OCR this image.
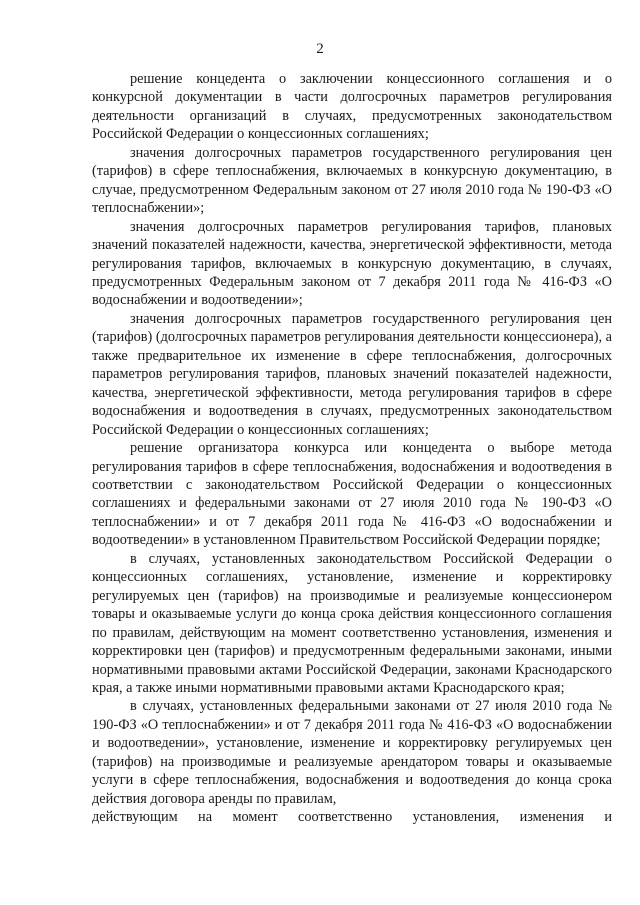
2

решение концедента о заключении концессионного соглашения и о конкурсной документации в части долгосрочных параметров регулирования деятельности организаций в случаях, предусмотренных законодательством Российской Федерации о концессионных соглашениях;

значения долгосрочных параметров государственного регулирования цен (тарифов) в сфере теплоснабжения, включаемых в конкурсную документацию, в случае, предусмотренном Федеральным законом от 27 июля 2010 года № 190-ФЗ «О теплоснабжении»;

значения долгосрочных параметров регулирования тарифов, плановых значений показателей надежности, качества, энергетической эффективности, метода регулирования тарифов, включаемых в конкурсную документацию, в случаях, предусмотренных Федеральным законом от 7 декабря 2011 года № 416-ФЗ «О водоснабжении и водоотведении»;

значения долгосрочных параметров государственного регулирования цен (тарифов) (долгосрочных параметров регулирования деятельности концессионера), а также предварительное их изменение в сфере теплоснабжения, долгосрочных параметров регулирования тарифов, плановых значений показателей надежности, качества, энергетической эффективности, метода регулирования тарифов в сфере водоснабжения и водоотведения в случаях, предусмотренных законодательством Российской Федерации о концессионных соглашениях;

решение организатора конкурса или концедента о выборе метода регулирования тарифов в сфере теплоснабжения, водоснабжения и водоотведения в соответствии с законодательством Российской Федерации о концессионных соглашениях и федеральными законами от 27 июля 2010 года № 190-ФЗ «О теплоснабжении» и от 7 декабря 2011 года № 416-ФЗ «О водоснабжении и водоотведении» в установленном Правительством Российской Федерации порядке;

в случаях, установленных законодательством Российской Федерации о концессионных соглашениях, установление, изменение и корректировку регулируемых цен (тарифов) на производимые и реализуемые концессионером товары и оказываемые услуги до конца срока действия концессионного соглашения по правилам, действующим на момент соответственно установления, изменения и корректировки цен (тарифов) и предусмотренным федеральными законами, иными нормативными правовыми актами Российской Федерации, законами Краснодарского края, а также иными нормативными правовыми актами Краснодарского края;

в случаях, установленных федеральными законами от 27 июля 2010 года № 190-ФЗ «О теплоснабжении» и от 7 декабря 2011 года № 416-ФЗ «О водоснабжении и водоотведении», установление, изменение и корректировку регулируемых цен (тарифов) на производимые и реализуемые арендатором товары и оказываемые услуги в сфере теплоснабжения, водоснабжения и водоотведения до конца срока действия договора аренды по правилам,

действующим на момент соответственно установления, изменения и
